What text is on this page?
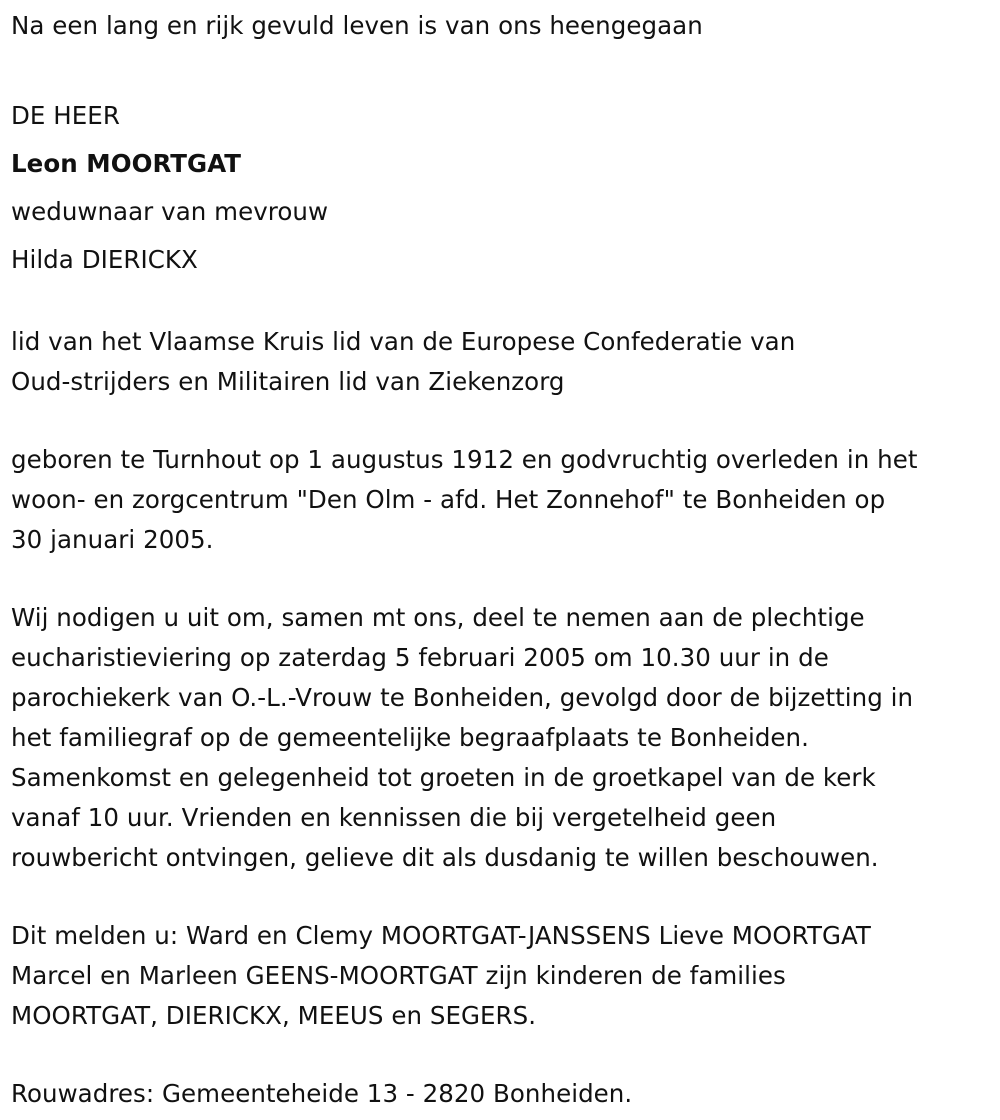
Na een lang en rijk gevuld leven is van ons heengegaan
DE HEER
Leon MOORTGAT
weduwnaar van mevrouw
Hilda DIERICKX
lid van het Vlaamse Kruis lid van de Europese Confederatie van
Oud-strijders en Militairen lid van Ziekenzorg
geboren te Turnhout op 1 augustus 1912 en godvruchtig overleden in het
woon- en zorgcentrum "Den Olm - afd. Het Zonnehof" te Bonheiden op
30 januari 2005.
Wij nodigen u uit om, samen mt ons, deel te nemen aan de plechtige
eucharistieviering op zaterdag 5 februari 2005 om 10.30 uur in de
parochiekerk van O.-L.-Vrouw te Bonheiden, gevolgd door de bijzetting in
het familiegraf op de gemeentelijke begraafplaats te Bonheiden.
Samenkomst en gelegenheid tot groeten in de groetkapel van de kerk
vanaf 10 uur. Vrienden en kennissen die bij vergetelheid geen
rouwbericht ontvingen, gelieve dit als dusdanig te willen beschouwen.
Dit melden u: Ward en Clemy MOORTGAT-JANSSENS Lieve MOORTGAT
Marcel en Marleen GEENS-MOORTGAT zijn kinderen de families
MOORTGAT, DIERICKX, MEEUS en SEGERS.
Rouwadres: Gemeenteheide 13 - 2820 Bonheiden.
